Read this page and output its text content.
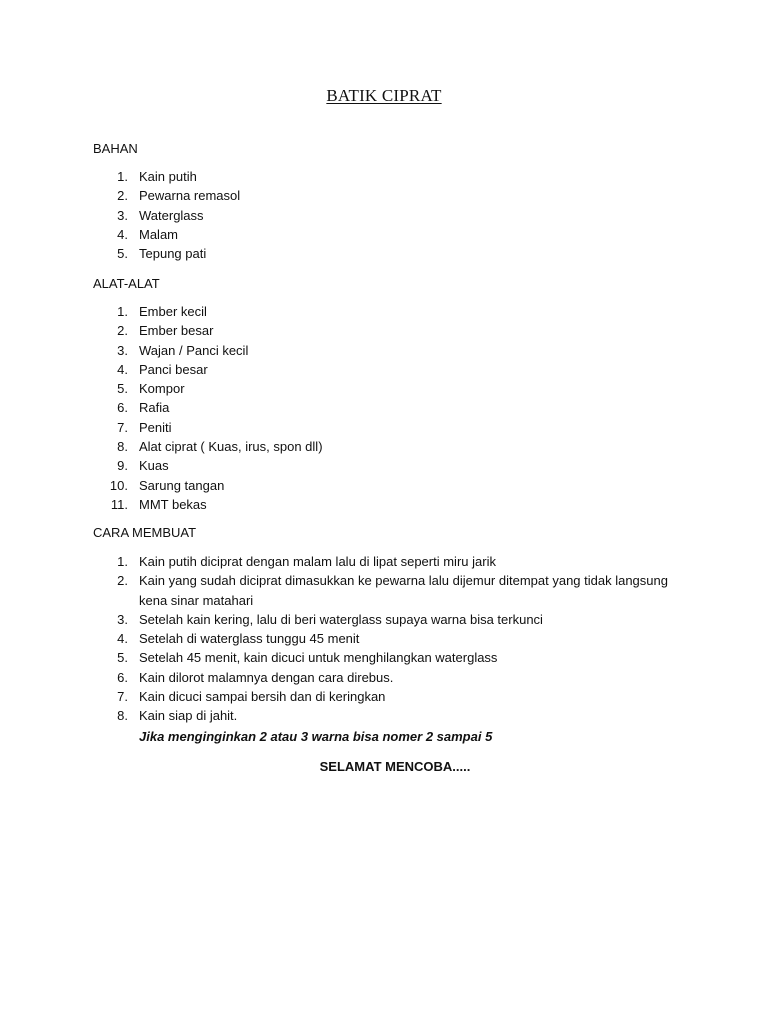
BATIK CIPRAT
BAHAN
1. Kain putih
2. Pewarna remasol
3. Waterglass
4. Malam
5. Tepung pati
ALAT-ALAT
1. Ember kecil
2. Ember besar
3. Wajan / Panci kecil
4. Panci besar
5. Kompor
6. Rafia
7. Peniti
8. Alat ciprat ( Kuas, irus, spon dll)
9. Kuas
10. Sarung tangan
11. MMT bekas
CARA MEMBUAT
1. Kain putih diciprat dengan malam lalu di lipat seperti miru jarik
2. Kain yang sudah diciprat dimasukkan ke pewarna lalu dijemur ditempat yang tidak langsung kena sinar matahari
3. Setelah kain kering, lalu di beri waterglass supaya warna bisa terkunci
4. Setelah di waterglass tunggu 45 menit
5. Setelah 45 menit, kain dicuci untuk menghilangkan waterglass
6. Kain dilorot malamnya dengan cara direbus.
7. Kain dicuci sampai bersih dan di keringkan
8. Kain siap di jahit.
Jika menginginkan 2 atau 3 warna bisa nomer 2 sampai 5
SELAMAT MENCOBA.....
